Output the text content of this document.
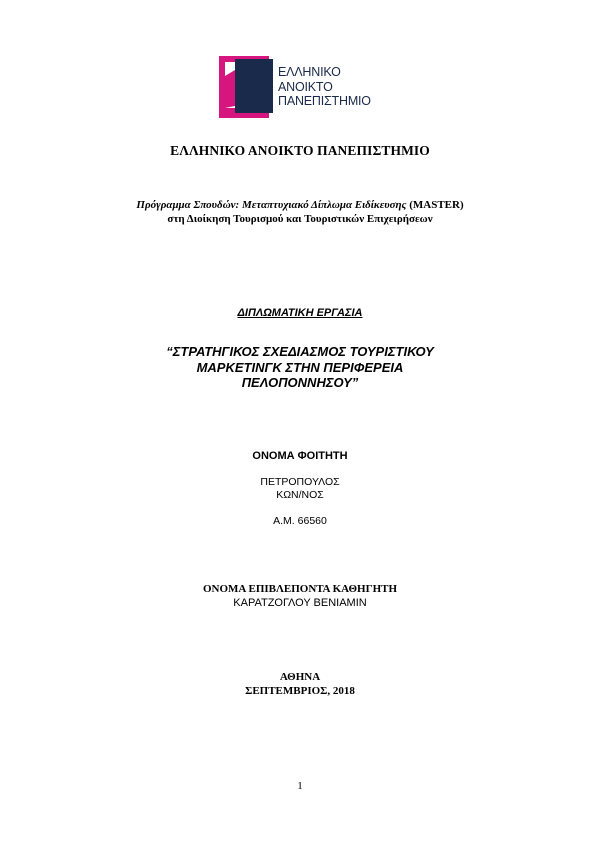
ΕΛΛΗΝΙΚΟ
ΑΝΟΙΚΤΟ
ΠΑΝΕΠΙΣΤΗΜΙΟ
ΕΛΛΗΝΙΚΟ ΑΝΟΙΚΤΟ ΠΑΝΕΠΙΣΤΗΜΙΟ
Πρόγραμμα Σπουδών: Μεταπτυχιακό Δίπλωμα Ειδίκευσης (MASTER)
στη Διοίκηση Τουρισμού και Τουριστικών Επιχειρήσεων
ΔΙΠΛΩΜΑΤΙΚΗ ΕΡΓΑΣΙΑ
“ΣΤΡΑΤΗΓΙΚΟΣ ΣΧΕΔΙΑΣΜΟΣ ΤΟΥΡΙΣΤΙΚΟΥ
ΜΑΡΚΕΤΙΝΓΚ ΣΤΗΝ ΠΕΡΙΦΕΡΕΙΑ
ΠΕΛΟΠΟΝΝΗΣΟΥ”
ΟΝΟΜΑ ΦΟΙΤΗΤΗ
ΠΕΤΡΟΠΟΥΛΟΣ
ΚΩΝ/ΝΟΣ
Α.Μ. 66560
ΟΝΟΜΑ ΕΠΙΒΛΕΠΟΝΤΑ ΚΑΘΗΓΗΤΗ
ΚΑΡΑΤΖΟΓΛΟΥ ΒΕΝΙΑΜΙΝ
ΑΘΗΝΑ
ΣΕΠΤΕΜΒΡΙΟΣ, 2018
1
